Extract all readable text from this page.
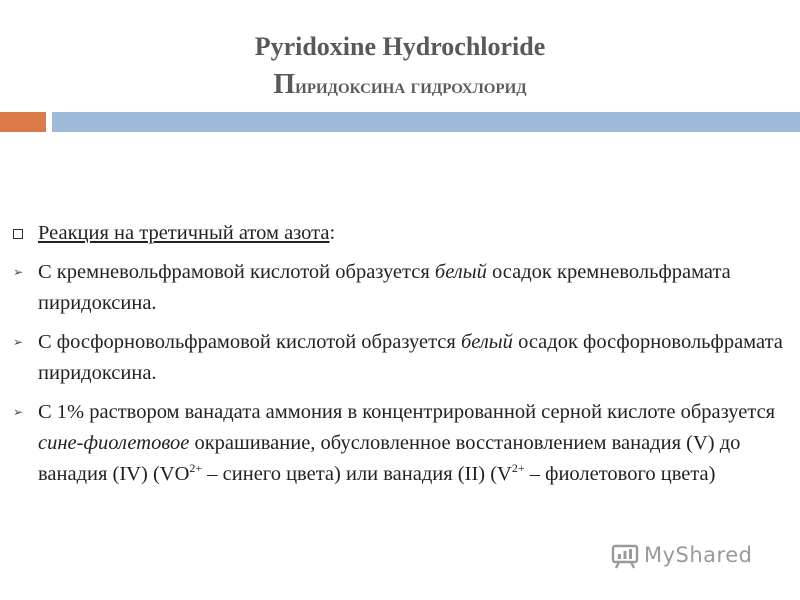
Pyridoxine Hydrochloride
Пиридоксина гидрохлорид
Реакция на третичный атом азота:
➢ С кремневольфрамовой кислотой образуется белый осадок кремневольфрамата пиридоксина.
➢ С фосфорновольфрамовой кислотой образуется белый осадок фосфорновольфрамата пиридоксина.
➢ С 1% раствором ванадата аммония в концентрированной серной кислоте образуется сине-фиолетовое окрашивание, обусловленное восстановлением ванадия (V) до ванадия (IV) ($VO^{2+}$ – синего цвета) или ванадия (II) ($V^{2+}$ – фиолетового цвета)
MyShared
